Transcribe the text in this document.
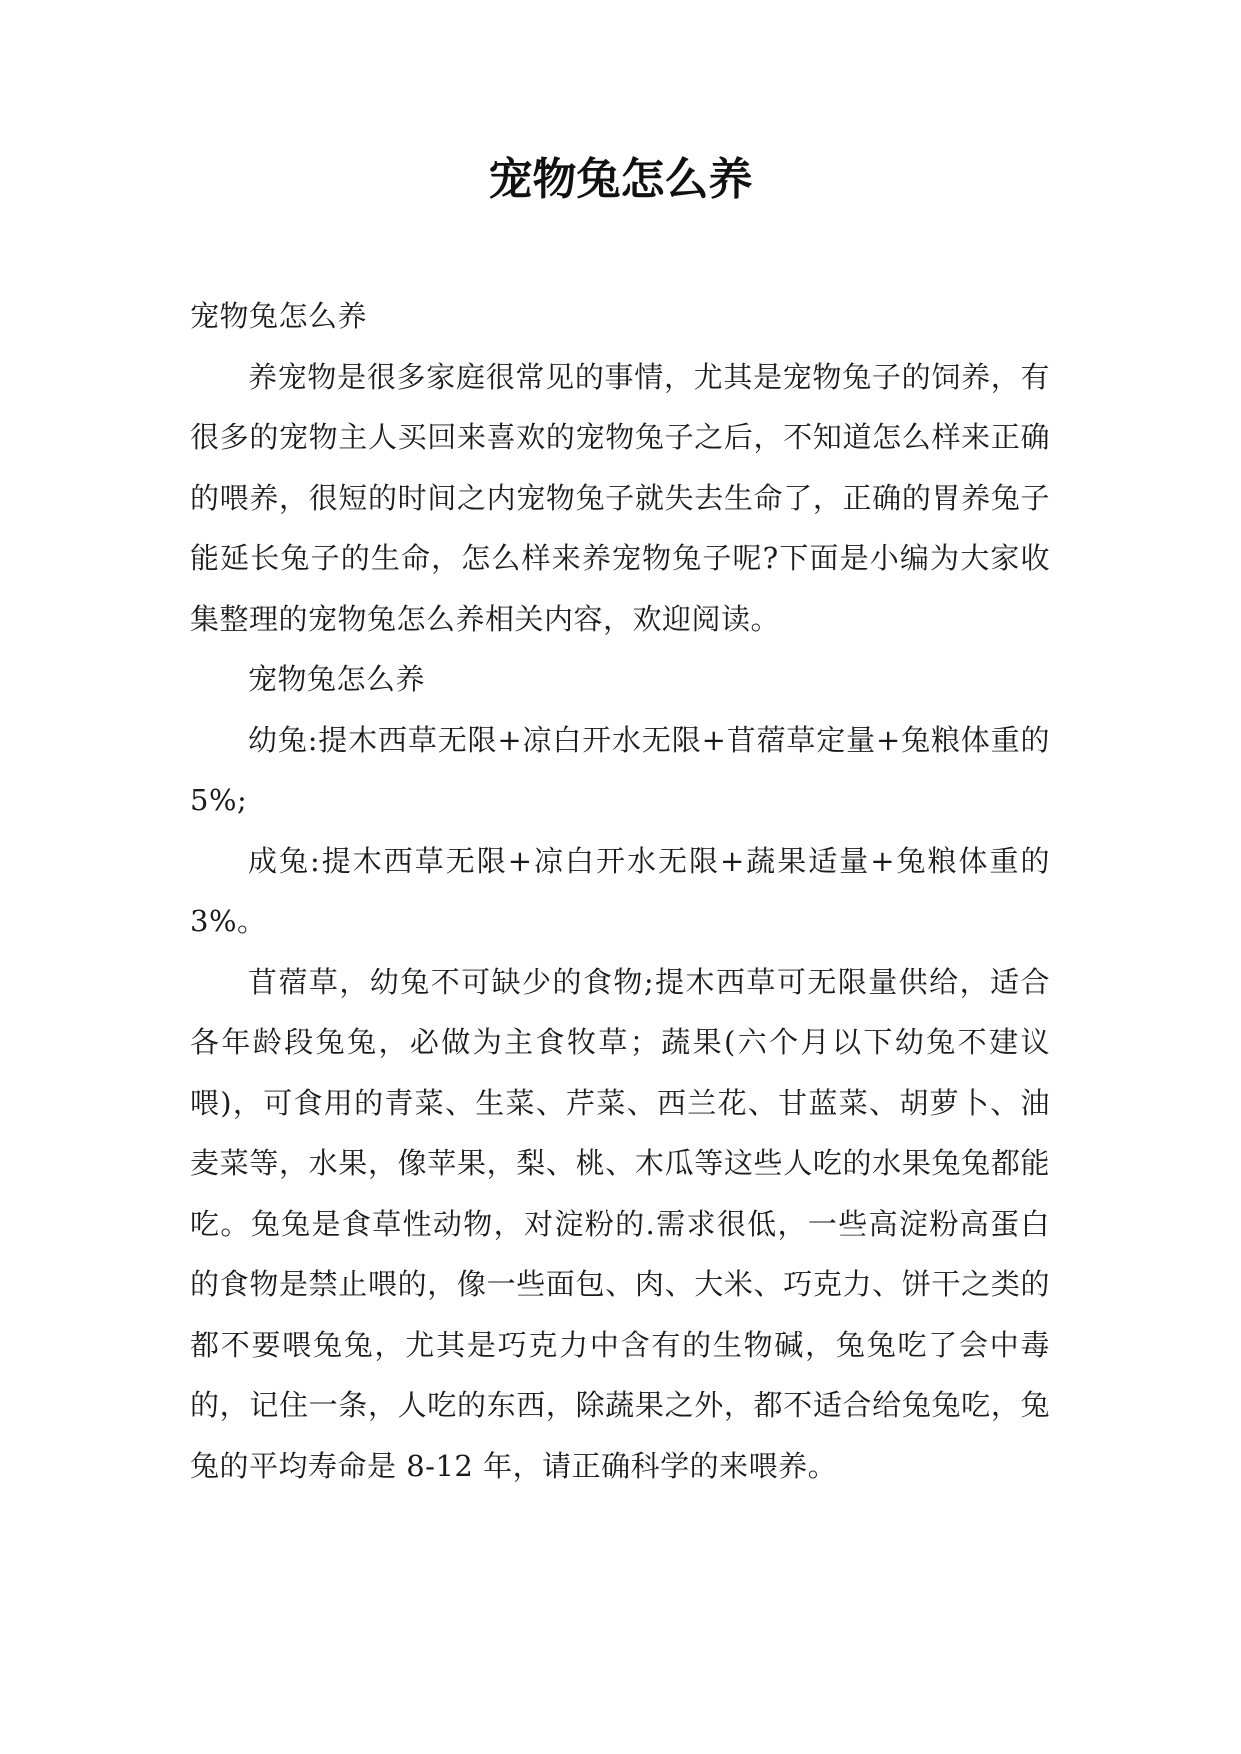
宠物兔怎么养

宠物兔怎么养

养宠物是很多家庭很常见的事情，尤其是宠物兔子的饲养，有很多的宠物主人买回来喜欢的宠物兔子之后，不知道怎么样来正确的喂养，很短的时间之内宠物兔子就失去生命了，正确的胃养兔子能延长兔子的生命，怎么样来养宠物兔子呢?下面是小编为大家收集整理的宠物兔怎么养相关内容，欢迎阅读。

宠物兔怎么养

幼兔:提木西草无限+凉白开水无限+苜蓿草定量+兔粮体重的 5%;

成兔:提木西草无限+凉白开水无限+蔬果适量+兔粮体重的 3%。

苜蓿草，幼兔不可缺少的食物;提木西草可无限量供给，适合各年龄段兔兔，必做为主食牧草；蔬果(六个月以下幼兔不建议喂)，可食用的青菜、生菜、芹菜、西兰花、甘蓝菜、胡萝卜、油麦菜等，水果，像苹果，梨、桃、木瓜等这些人吃的水果兔兔都能吃。兔兔是食草性动物，对淀粉的.需求很低，一些高淀粉高蛋白的食物是禁止喂的，像一些面包、肉、大米、巧克力、饼干之类的都不要喂兔兔，尤其是巧克力中含有的生物碱，兔兔吃了会中毒的，记住一条，人吃的东西，除蔬果之外，都不适合给兔兔吃，兔兔的平均寿命是 8-12 年，请正确科学的来喂养。
